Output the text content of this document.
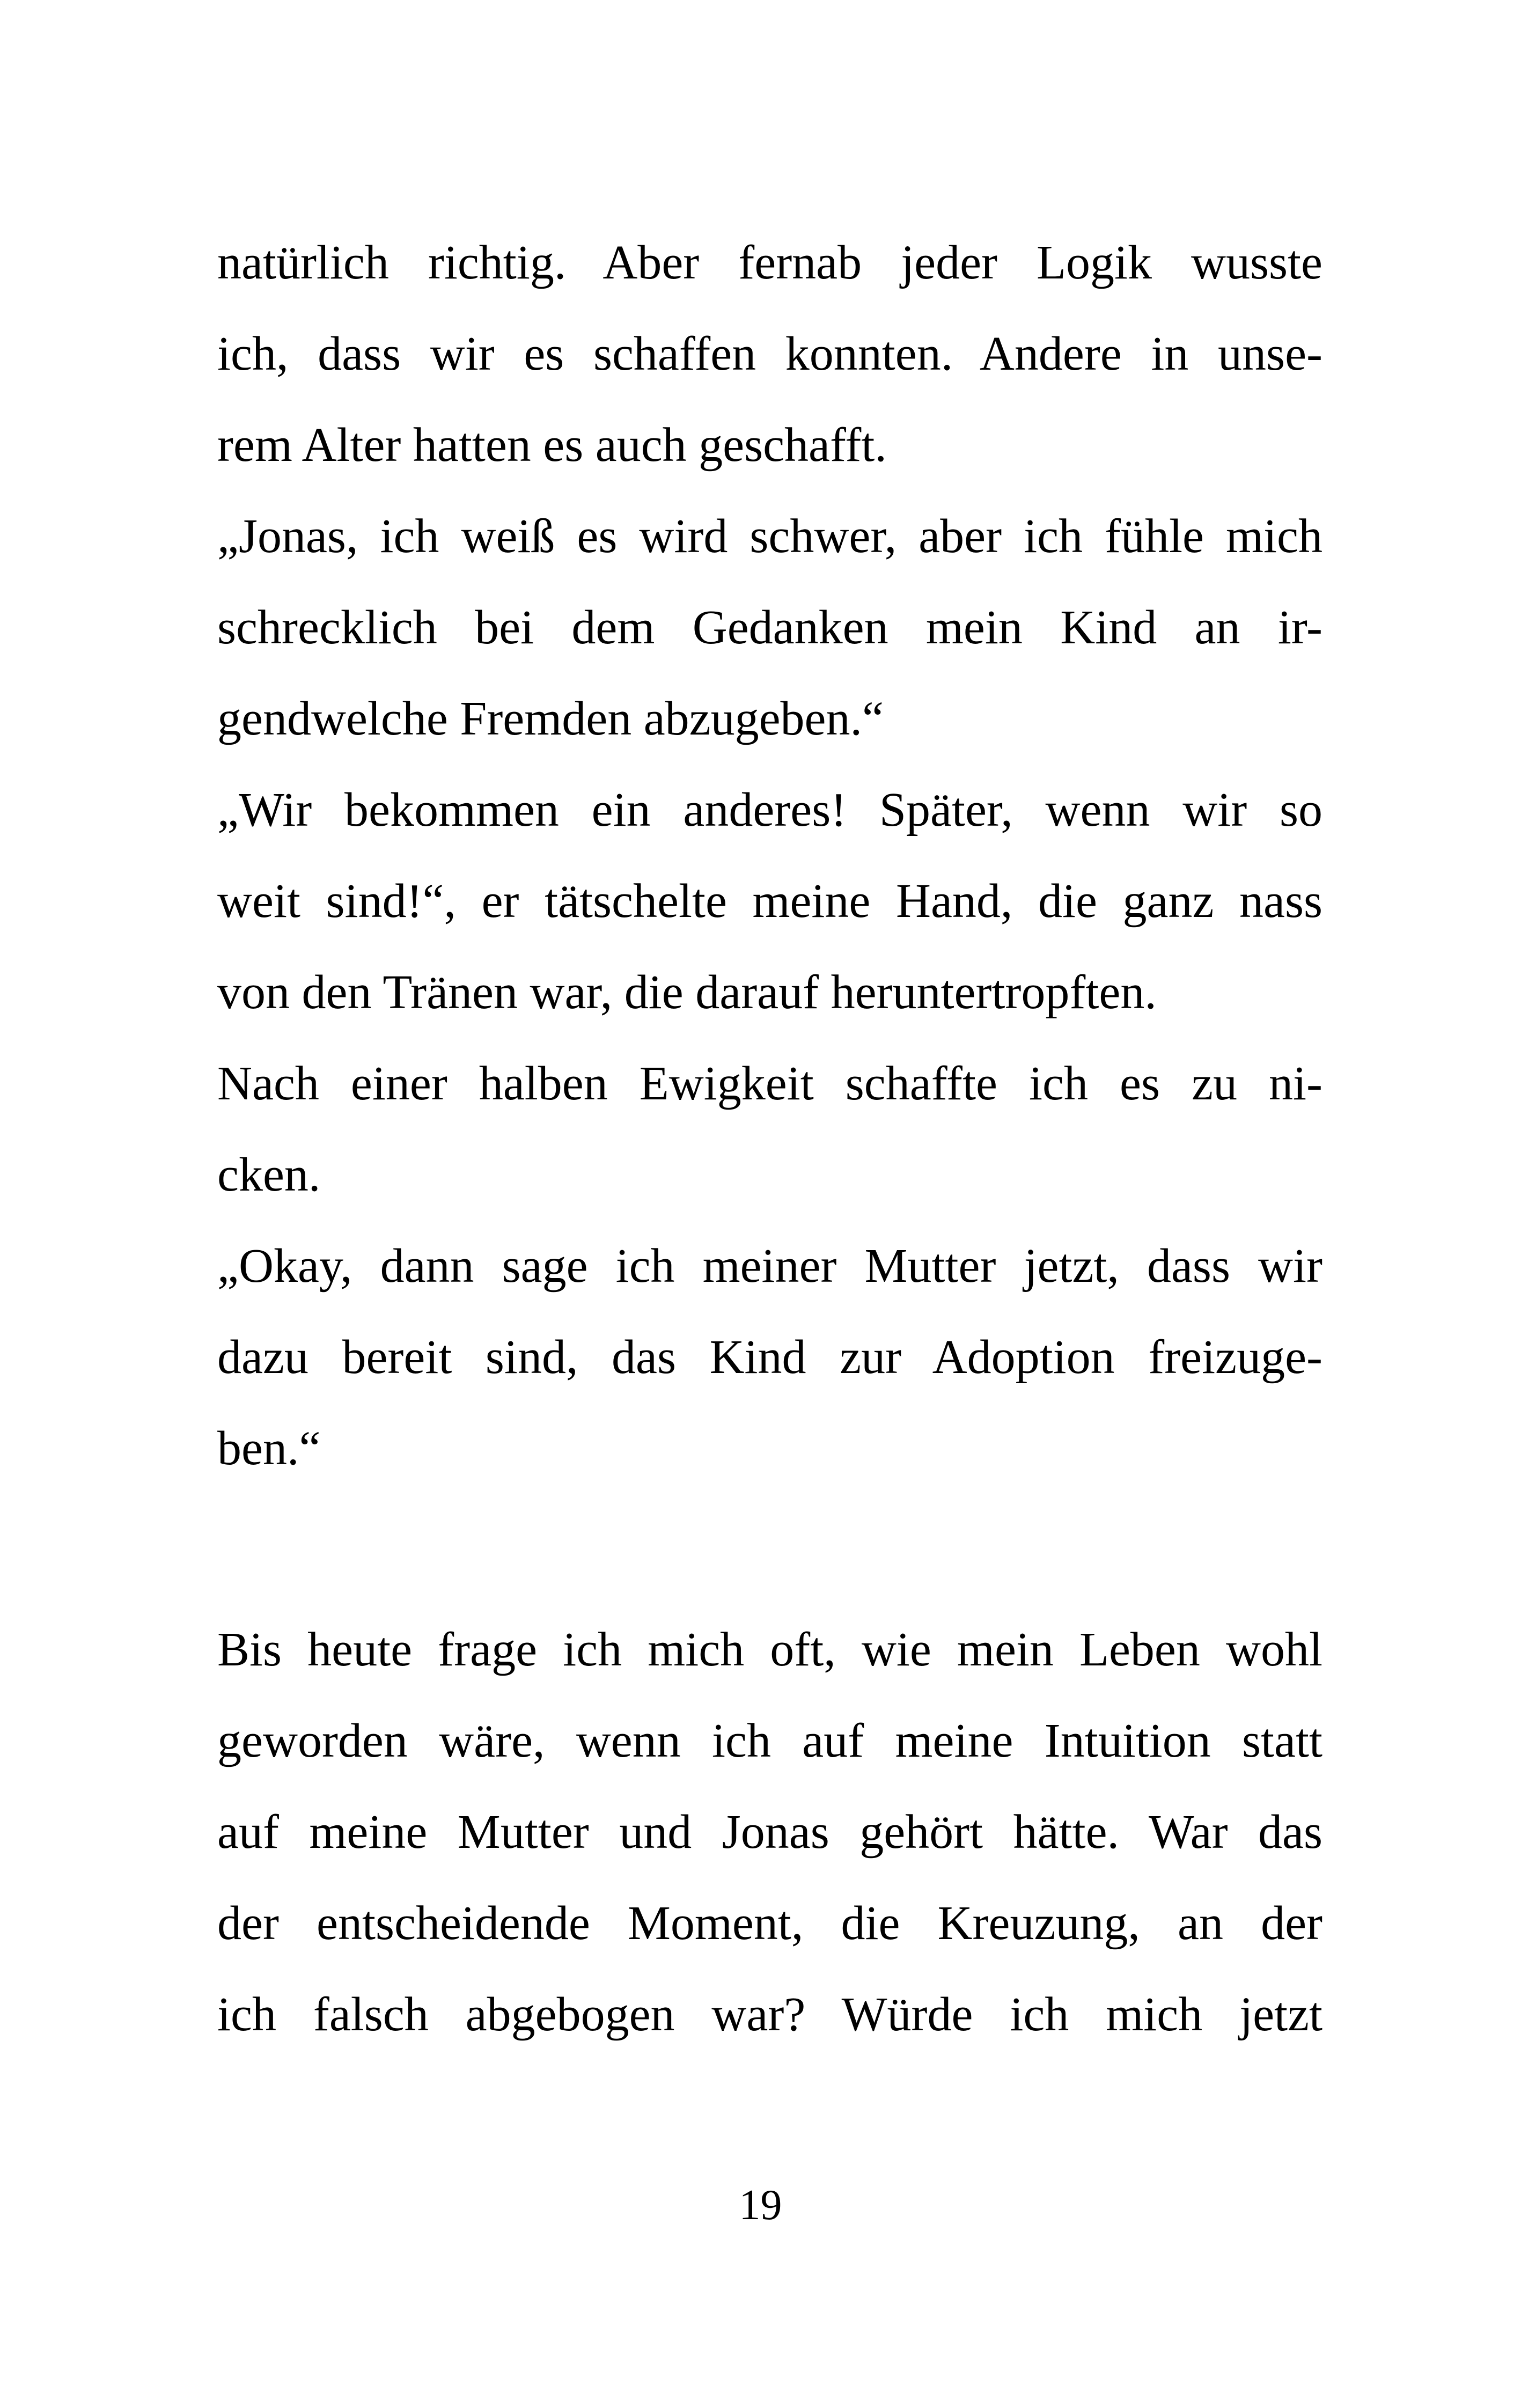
natürlich richtig. Aber fernab jeder Logik wusste
ich, dass wir es schaffen konnten. Andere in unse-
rem Alter hatten es auch geschafft.
„Jonas, ich weiß es wird schwer, aber ich fühle mich
schrecklich bei dem Gedanken mein Kind an ir-
gendwelche Fremden abzugeben.“
„Wir bekommen ein anderes! Später, wenn wir so
weit sind!“, er tätschelte meine Hand, die ganz nass
von den Tränen war, die darauf heruntertropften.
Nach einer halben Ewigkeit schaffte ich es zu ni-
cken.
„Okay, dann sage ich meiner Mutter jetzt, dass wir
dazu bereit sind, das Kind zur Adoption freizuge-
ben.“
Bis heute frage ich mich oft, wie mein Leben wohl
geworden wäre, wenn ich auf meine Intuition statt
auf meine Mutter und Jonas gehört hätte. War das
der entscheidende Moment, die Kreuzung, an der
ich falsch abgebogen war? Würde ich mich jetzt
19
